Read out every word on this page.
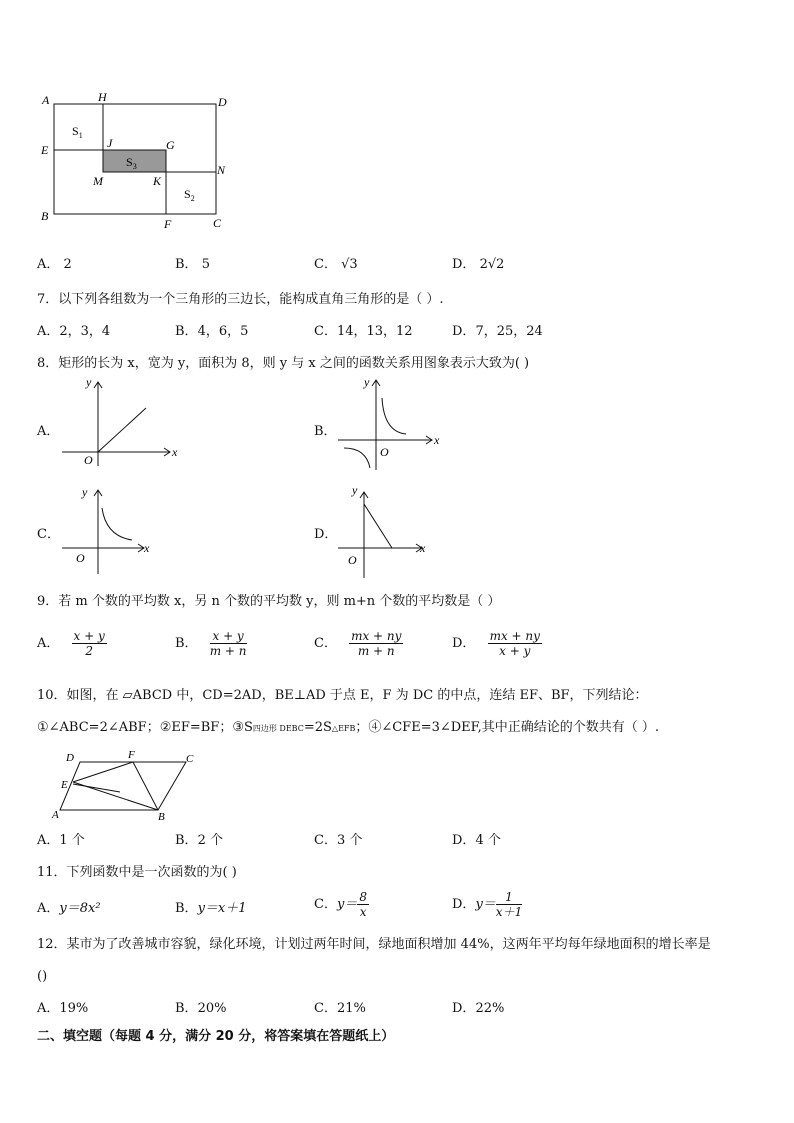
A	H	D
E	J	G
N
M	K
B
F	C
$S_1$
$S_3$
$S_2$
A． 2	B． 5	C． √3	D． 2√2
7．以下列各组数为一个三角形的三边长，能构成直角三角形的是（ ）.
A．2，3，4	B．4，6，5	C．14，13，12	D．7，25，24
8．矩形的长为 x，宽为 y，面积为 8，则 y 与 x 之间的函数关系用图象表示大致为( )
A．
x
y
O
B．
x
y
O
C．
x
y
O
D．
x
y
O
9．若 m 个数的平均数 x，另 n 个数的平均数 y，则 m+n 个数的平均数是（ ）
A． $\frac{x + y}{2}$	B． $\frac{x + y}{m + n}$	C． $\frac{mx + ny}{m + n}$	D． $\frac{mx + ny}{x + y}$
10．如图，在 ▱ABCD 中，CD=2AD，BE⊥AD 于点 E，F 为 DC 的中点，连结 EF、BF，下列结论：
①∠ABC=2∠ABF；②EF=BF；③S四边形 DEBC=2S△EFB；④∠CFE=3∠DEF,其中正确结论的个数共有（ ）.
D	F	C
E
A	B
A．1 个	B．2 个	C．3 个	D．4 个
11．下列函数中是一次函数的为( )
A．y＝8x²	B．y＝x＋1	C．$y= \frac{8}{x}$	D．$y= \frac{1}{x+1}$
12．某市为了改善城市容貌，绿化环境，计划过两年时间，绿地面积增加 44%，这两年平均每年绿地面积的增长率是
()
A．19%	B．20%	C．21%	D．22%
二、填空题（每题 4 分，满分 20 分，将答案填在答题纸上）
